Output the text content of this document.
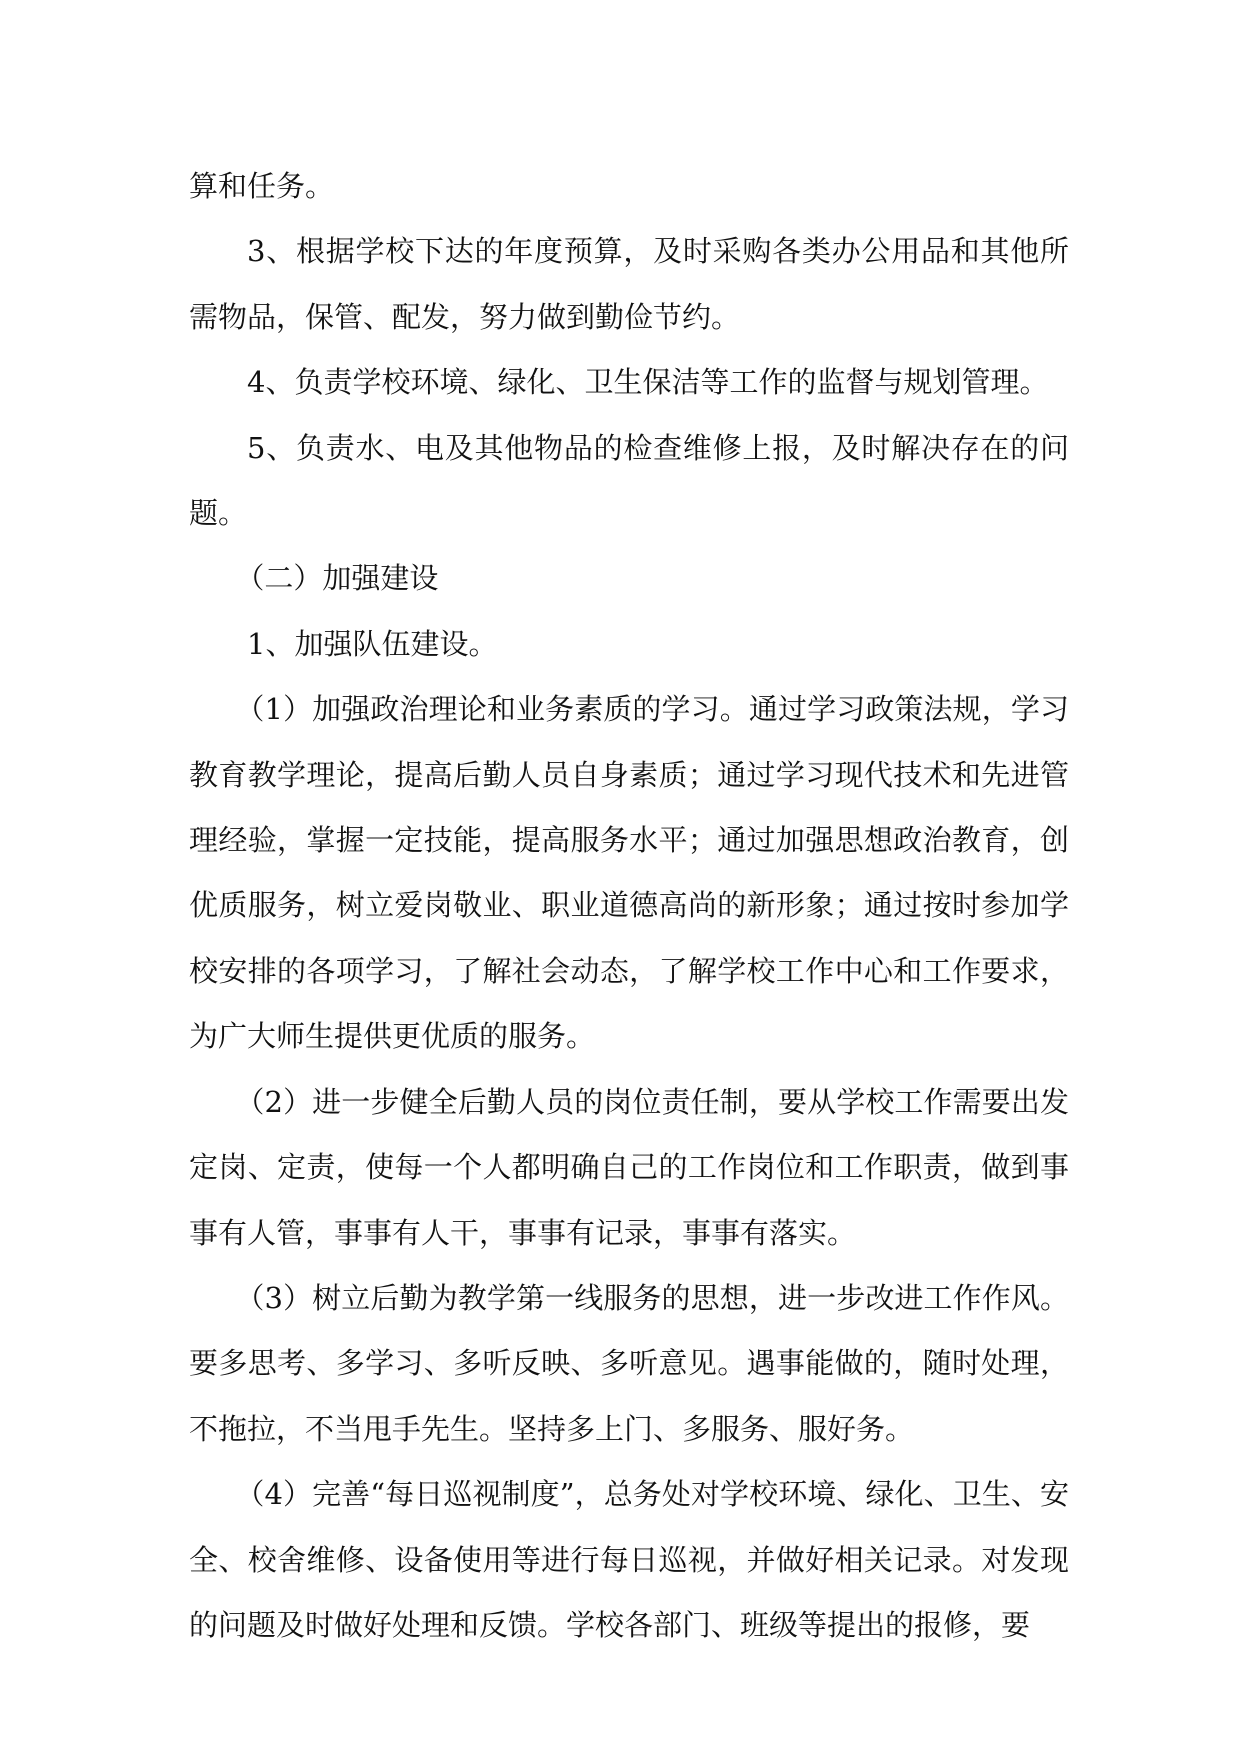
算和任务。

3、根据学校下达的年度预算，及时采购各类办公用品和其他所需物品，保管、配发，努力做到勤俭节约。

4、负责学校环境、绿化、卫生保洁等工作的监督与规划管理。

5、负责水、电及其他物品的检查维修上报，及时解决存在的问题。

（二）加强建设

1、加强队伍建设。

（1）加强政治理论和业务素质的学习。通过学习政策法规，学习教育教学理论，提高后勤人员自身素质；通过学习现代技术和先进管理经验，掌握一定技能，提高服务水平；通过加强思想政治教育，创优质服务，树立爱岗敬业、职业道德高尚的新形象；通过按时参加学校安排的各项学习，了解社会动态，了解学校工作中心和工作要求，为广大师生提供更优质的服务。

（2）进一步健全后勤人员的岗位责任制，要从学校工作需要出发定岗、定责，使每一个人都明确自己的工作岗位和工作职责，做到事事有人管，事事有人干，事事有记录，事事有落实。

（3）树立后勤为教学第一线服务的思想，进一步改进工作作风。要多思考、多学习、多听反映、多听意见。遇事能做的，随时处理，不拖拉，不当甩手先生。坚持多上门、多服务、服好务。

（4）完善“每日巡视制度”，总务处对学校环境、绿化、卫生、安全、校舍维修、设备使用等进行每日巡视，并做好相关记录。对发现的问题及时做好处理和反馈。学校各部门、班级等提出的报修，要
